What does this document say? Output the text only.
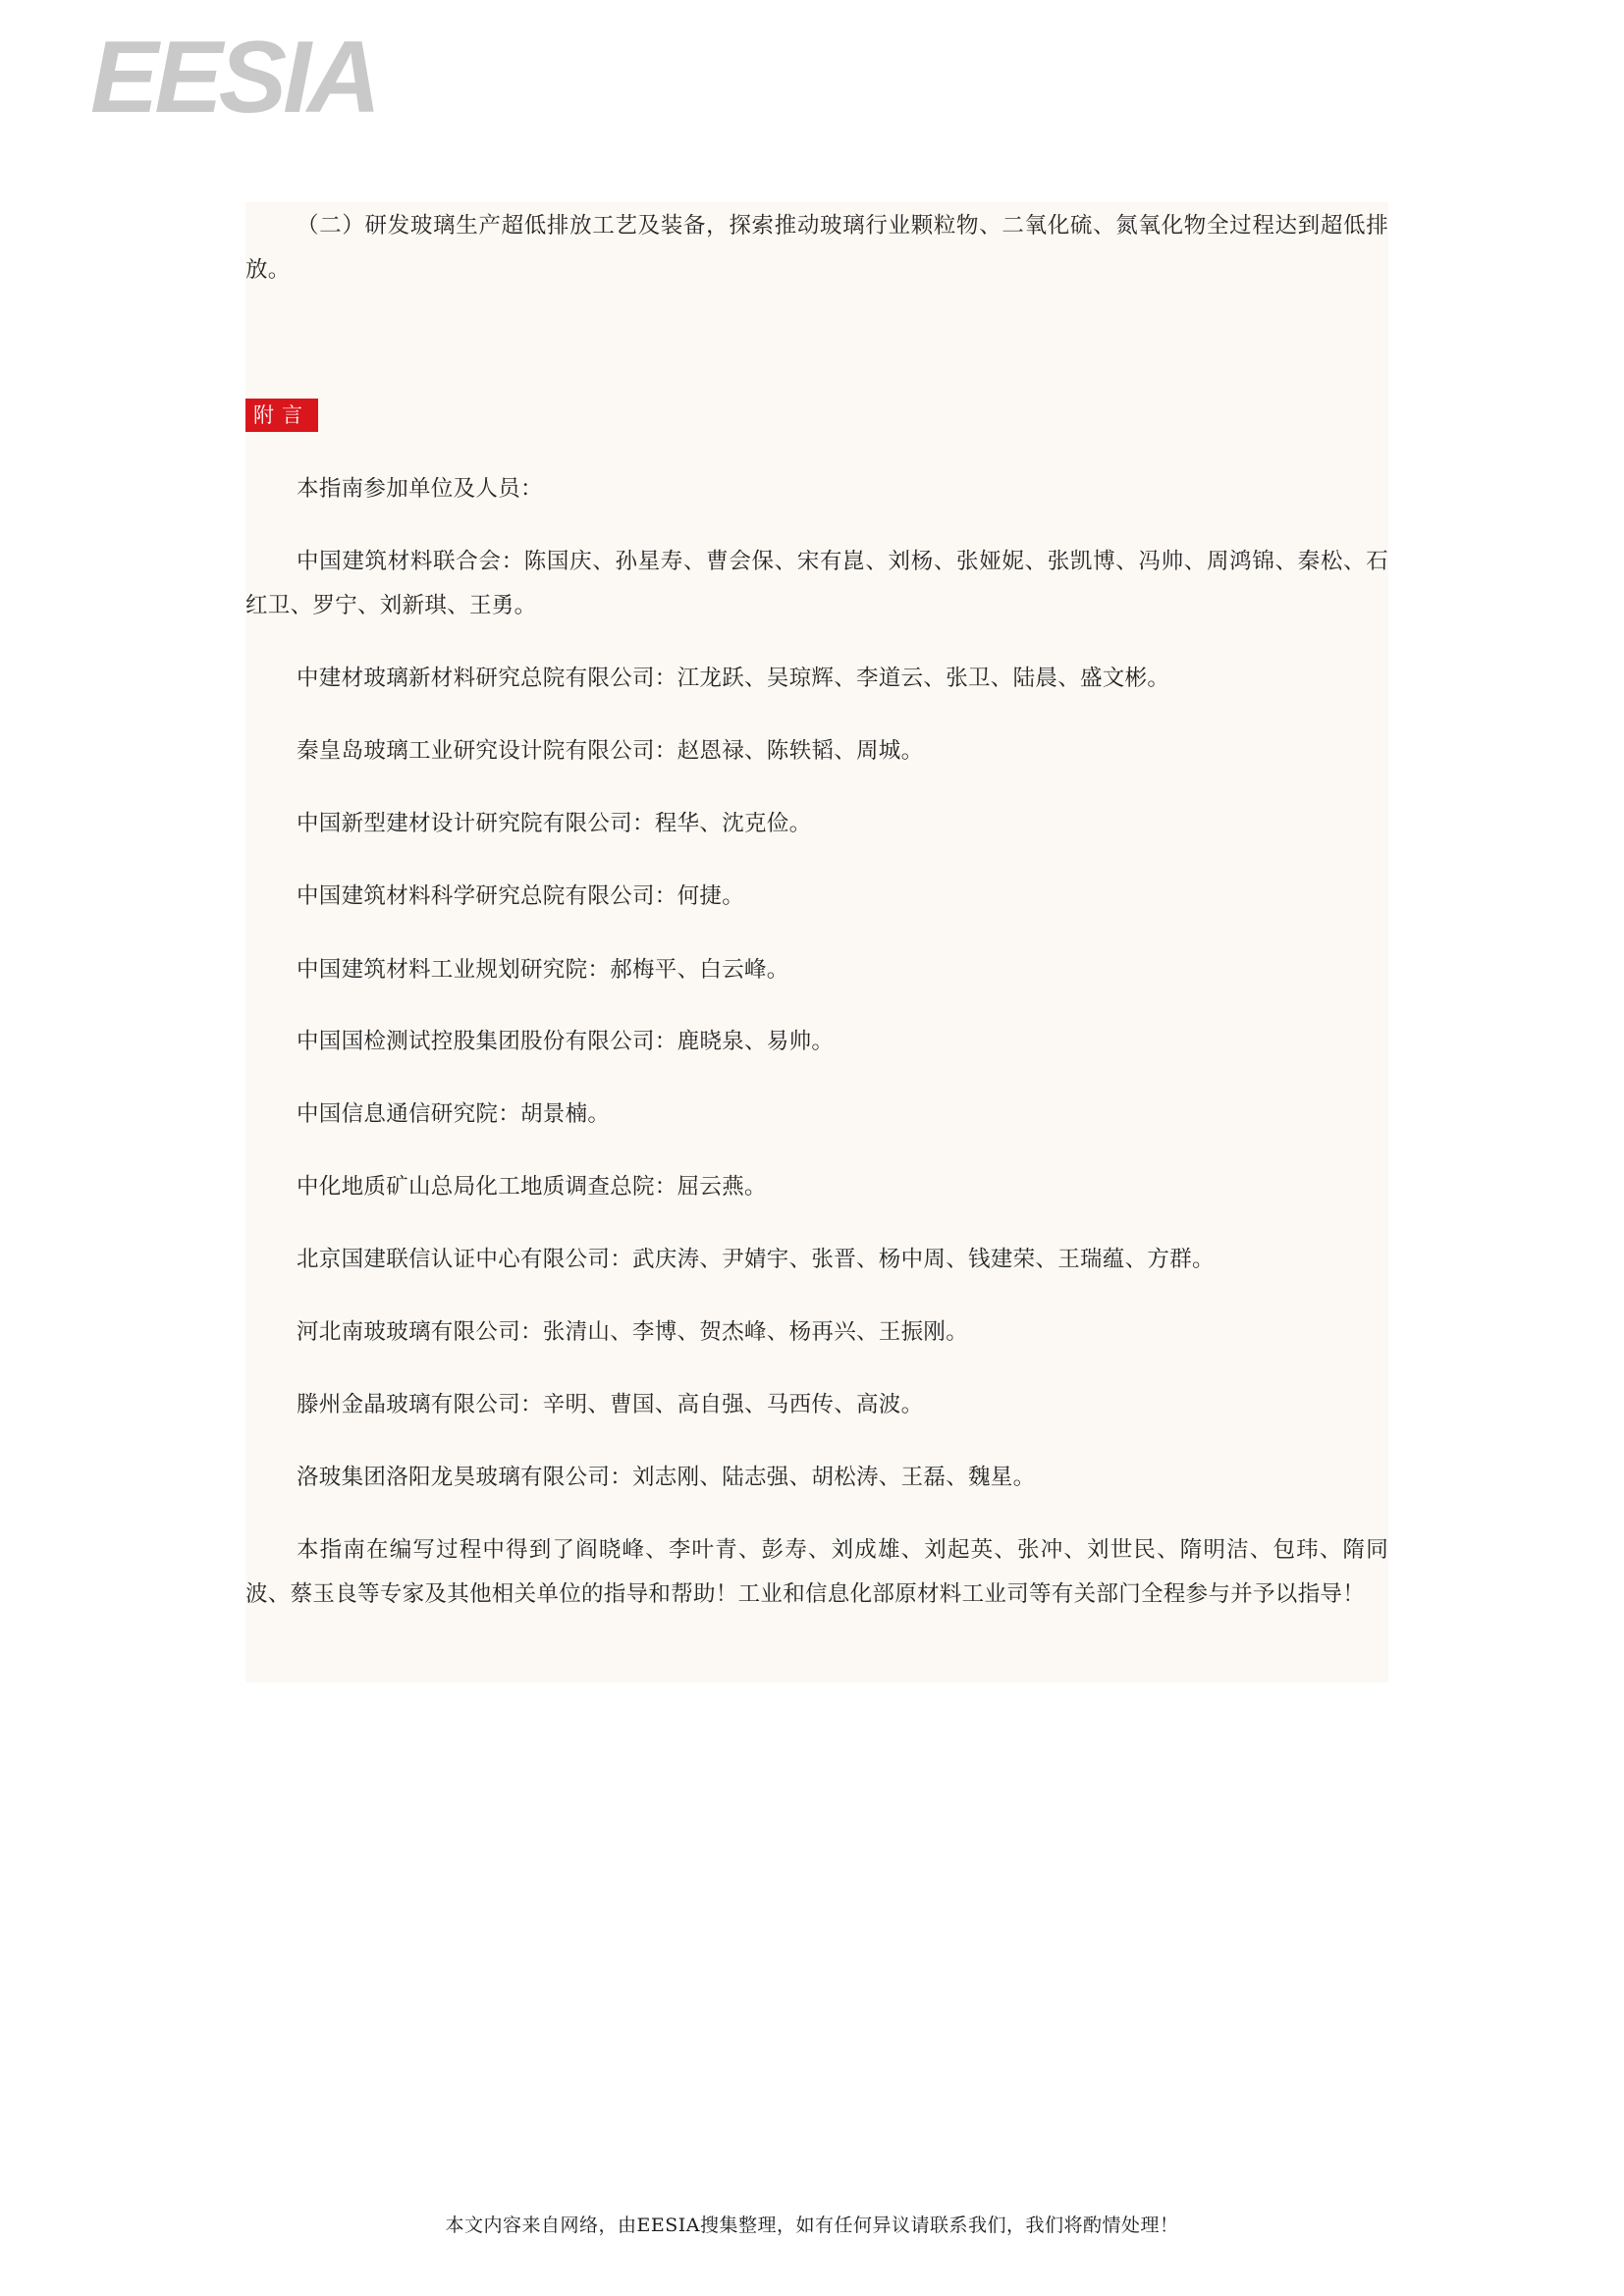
EESIA

（二）研发玻璃生产超低排放工艺及装备，探索推动玻璃行业颗粒物、二氧化硫、氮氧化物全过程达到超低排放。

附言

本指南参加单位及人员：

中国建筑材料联合会：陈国庆、孙星寿、曹会保、宋有崑、刘杨、张娅妮、张凯博、冯帅、周鸿锦、秦松、石红卫、罗宁、刘新琪、王勇。

中建材玻璃新材料研究总院有限公司：江龙跃、吴琼辉、李道云、张卫、陆晨、盛文彬。

秦皇岛玻璃工业研究设计院有限公司：赵恩禄、陈轶韬、周城。

中国新型建材设计研究院有限公司：程华、沈克俭。

中国建筑材料科学研究总院有限公司：何捷。

中国建筑材料工业规划研究院：郝梅平、白云峰。

中国国检测试控股集团股份有限公司：鹿晓泉、易帅。

中国信息通信研究院：胡景楠。

中化地质矿山总局化工地质调查总院：屈云燕。

北京国建联信认证中心有限公司：武庆涛、尹婧宇、张晋、杨中周、钱建荣、王瑞蕴、方群。

河北南玻玻璃有限公司：张清山、李博、贺杰峰、杨再兴、王振刚。

滕州金晶玻璃有限公司：辛明、曹国、高自强、马西传、高波。

洛玻集团洛阳龙昊玻璃有限公司：刘志刚、陆志强、胡松涛、王磊、魏星。

本指南在编写过程中得到了阎晓峰、李叶青、彭寿、刘成雄、刘起英、张冲、刘世民、隋明洁、包玮、隋同波、蔡玉良等专家及其他相关单位的指导和帮助！工业和信息化部原材料工业司等有关部门全程参与并予以指导！

本文内容来自网络，由EESIA搜集整理，如有任何异议请联系我们，我们将酌情处理！
